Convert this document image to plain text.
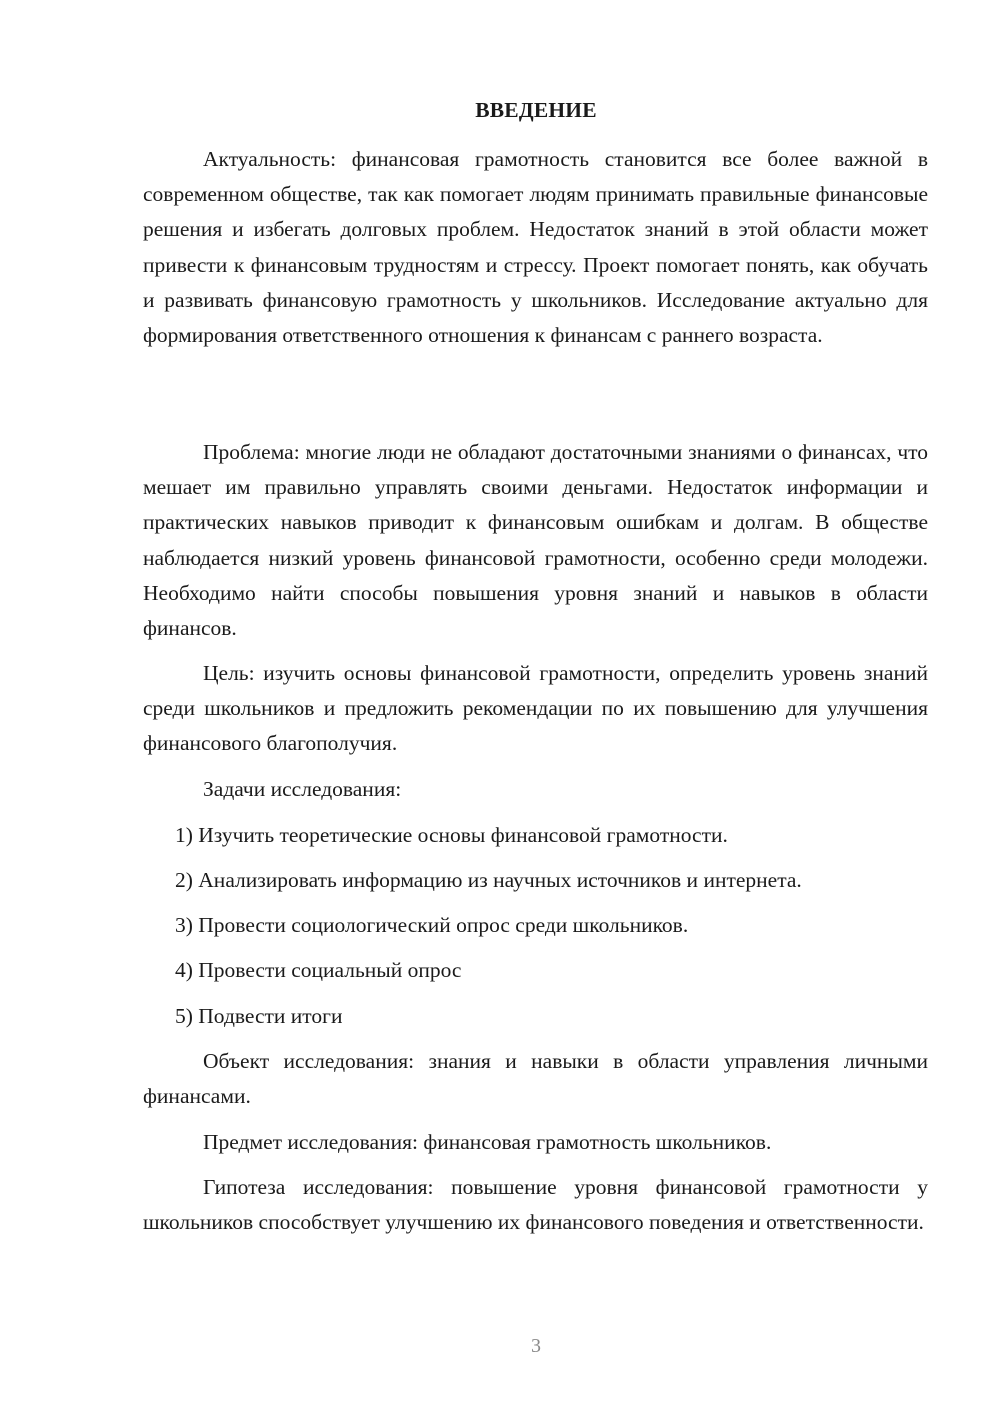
ВВЕДЕНИЕ

Актуальность: финансовая грамотность становится все более важной в современном обществе, так как помогает людям принимать правильные финансовые решения и избегать долговых проблем. Недостаток знаний в этой области может привести к финансовым трудностям и стрессу. Проект помогает понять, как обучать и развивать финансовую грамотность у школьников. Исследование актуально для формирования ответственного отношения к финансам с раннего возраста.

Проблема: многие люди не обладают достаточными знаниями о финансах, что мешает им правильно управлять своими деньгами. Недостаток информации и практических навыков приводит к финансовым ошибкам и долгам. В обществе наблюдается низкий уровень финансовой грамотности, особенно среди молодежи. Необходимо найти способы повышения уровня знаний и навыков в области финансов.

Цель: изучить основы финансовой грамотности, определить уровень знаний среди школьников и предложить рекомендации по их повышению для улучшения финансового благополучия.

Задачи исследования:

1) Изучить теоретические основы финансовой грамотности.

2) Анализировать информацию из научных источников и интернета.

3) Провести социологический опрос среди школьников.

4) Провести социальный опрос

5) Подвести итоги

Объект исследования: знания и навыки в области управления личными финансами.

Предмет исследования: финансовая грамотность школьников.

Гипотеза исследования: повышение уровня финансовой грамотности у школьников способствует улучшению их финансового поведения и ответственности.

3
